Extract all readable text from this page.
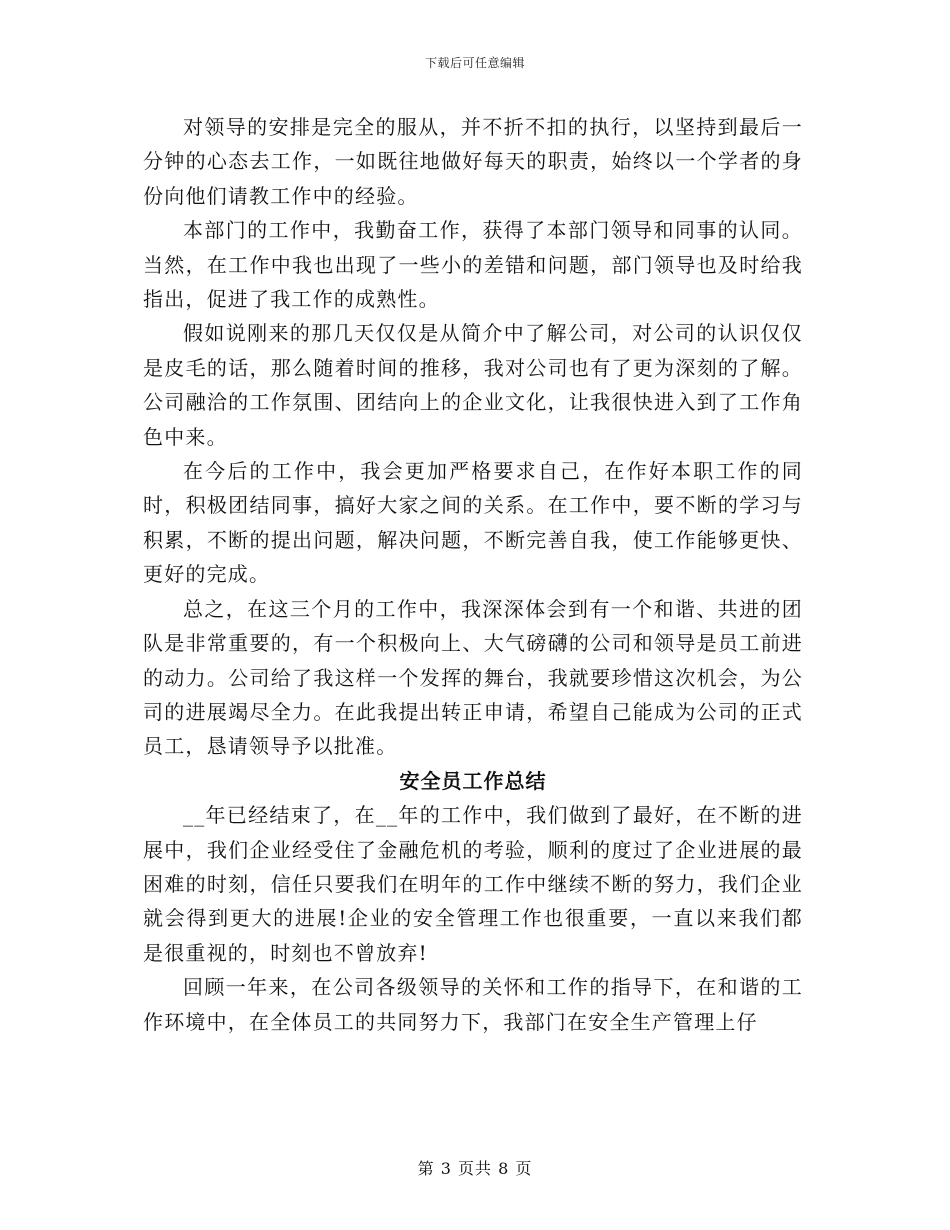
下载后可任意编辑

对领导的安排是完全的服从，并不折不扣的执行，以坚持到最后一分钟的心态去工作，一如既往地做好每天的职责，始终以一个学者的身份向他们请教工作中的经验。

本部门的工作中，我勤奋工作，获得了本部门领导和同事的认同。当然，在工作中我也出现了一些小的差错和问题，部门领导也及时给我指出，促进了我工作的成熟性。

假如说刚来的那几天仅仅是从简介中了解公司，对公司的认识仅仅是皮毛的话，那么随着时间的推移，我对公司也有了更为深刻的了解。公司融洽的工作氛围、团结向上的企业文化，让我很快进入到了工作角色中来。

在今后的工作中，我会更加严格要求自己，在作好本职工作的同时，积极团结同事，搞好大家之间的关系。在工作中，要不断的学习与积累，不断的提出问题，解决问题，不断完善自我，使工作能够更快、更好的完成。

总之，在这三个月的工作中，我深深体会到有一个和谐、共进的团队是非常重要的，有一个积极向上、大气磅礴的公司和领导是员工前进的动力。公司给了我这样一个发挥的舞台，我就要珍惜这次机会，为公司的进展竭尽全力。在此我提出转正申请，希望自己能成为公司的正式员工，恳请领导予以批准。

安全员工作总结

__年已经结束了，在__年的工作中，我们做到了最好，在不断的进展中，我们企业经受住了金融危机的考验，顺利的度过了企业进展的最困难的时刻，信任只要我们在明年的工作中继续不断的努力，我们企业就会得到更大的进展!企业的安全管理工作也很重要，一直以来我们都是很重视的，时刻也不曾放弃!

回顾一年来，在公司各级领导的关怀和工作的指导下，在和谐的工作环境中，在全体员工的共同努力下，我部门在安全生产管理上仔

第 3 页共 8 页
